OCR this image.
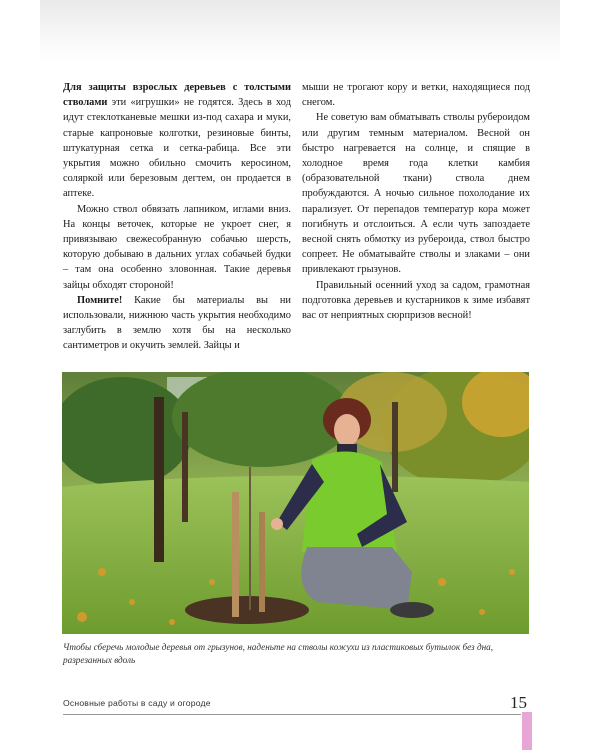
Для защиты взрослых деревьев с толстыми стволами эти «игрушки» не годятся. Здесь в ход идут стеклотканевые мешки из-под сахара и муки, старые капроновые колготки, резиновые бинты, штукатурная сетка и сетка-рабица. Все эти укрытия можно обильно смочить керосином, соляркой или березовым дегтем, он продается в аптеке.

Можно ствол обвязать лапником, иглами вниз. На концы веточек, которые не укроет снег, я привязываю свежесобранную собачью шерсть, которую добываю в дальних углах собачьей будки – там она особенно зловонная. Такие деревья зайцы обходят стороной!

Помните! Какие бы материалы вы ни использовали, нижнюю часть укрытия необходимо заглубить в землю хотя бы на несколько сантиметров и окучить землей. Зайцы и

мыши не трогают кору и ветки, находящиеся под снегом.

Не советую вам обматывать стволы рубероидом или другим темным материалом. Весной он быстро нагревается на солнце, и спящие в холодное время года клетки камбия (образовательной ткани) ствола днем пробуждаются. А ночью сильное похолодание их парализует. От перепадов температур кора может погибнуть и отслоиться. А если чуть запоздаете весной снять обмотку из рубероида, ствол быстро сопреет. Не обматывайте стволы и злаками – они привлекают грызунов.

Правильный осенний уход за садом, грамотная подготовка деревьев и кустарников к зиме избавят вас от неприятных сюрпризов весной!

Чтобы сберечь молодые деревья от грызунов, наденьте на стволы кожухи из пластиковых бутылок без дна, разрезанных вдоль
Основные работы в саду и огороде	15
